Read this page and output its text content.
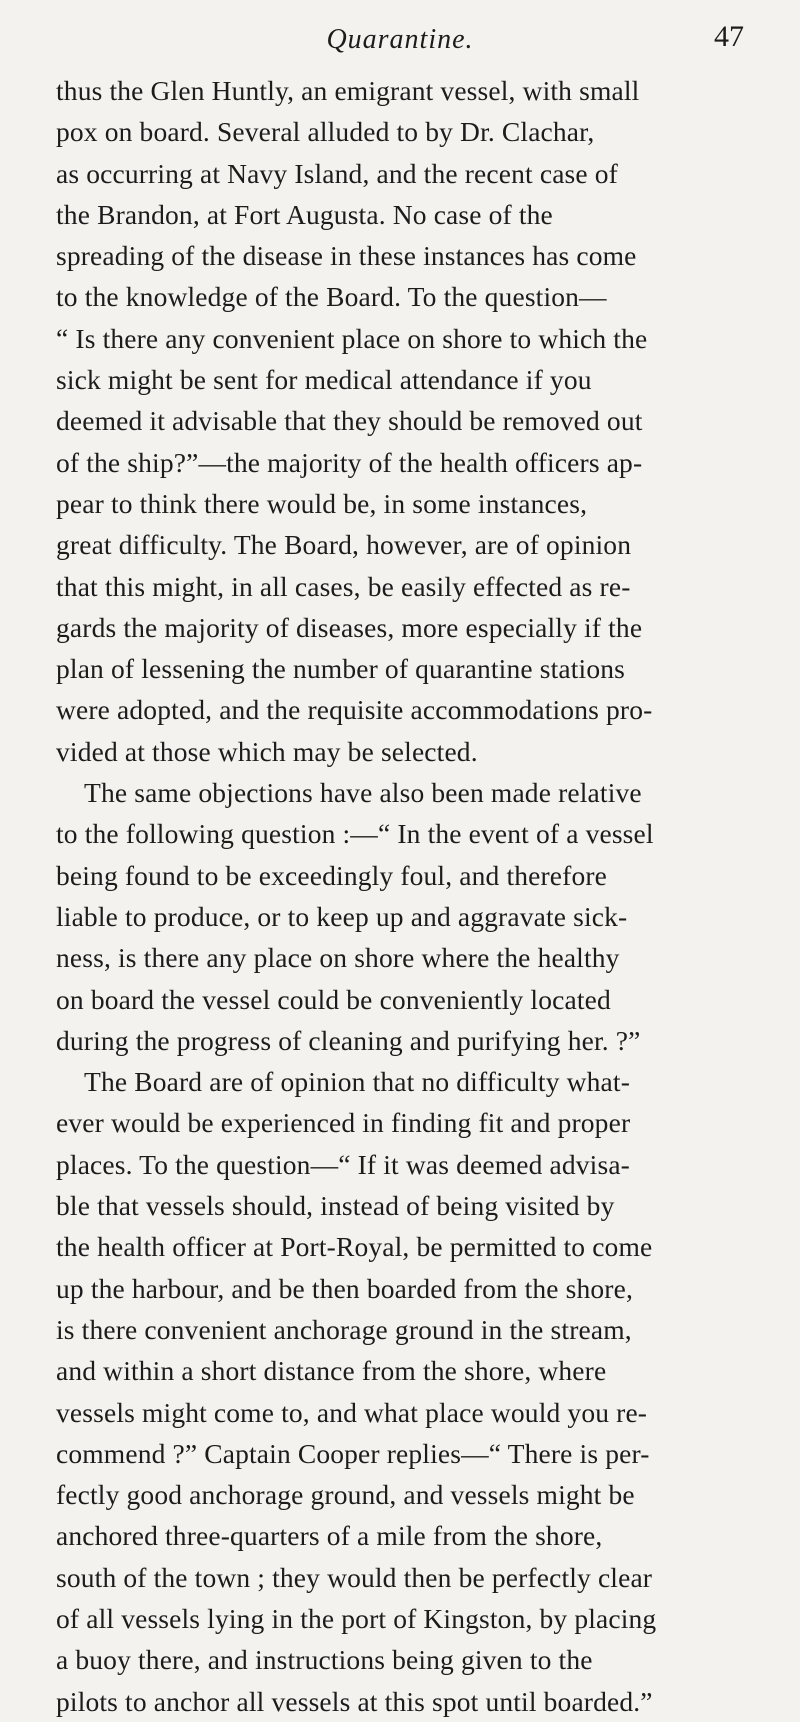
Quarantine.	47
thus the Glen Huntly, an emigrant vessel, with small
pox on board. Several alluded to by Dr. Clachar,
as occurring at Navy Island, and the recent case of
the Brandon, at Fort Augusta. No case of the
spreading of the disease in these instances has come
to the knowledge of the Board. To the question—
“ Is there any convenient place on shore to which the
sick might be sent for medical attendance if you
deemed it advisable that they should be removed out
of the ship?”—the majority of the health officers ap-
pear to think there would be, in some instances,
great difficulty. The Board, however, are of opinion
that this might, in all cases, be easily effected as re-
gards the majority of diseases, more especially if the
plan of lessening the number of quarantine stations
were adopted, and the requisite accommodations pro-
vided at those which may be selected.
The same objections have also been made relative
to the following question :—“ In the event of a vessel
being found to be exceedingly foul, and therefore
liable to produce, or to keep up and aggravate sick-
ness, is there any place on shore where the healthy
on board the vessel could be conveniently located
during the progress of cleaning and purifying her. ?”
The Board are of opinion that no difficulty what-
ever would be experienced in finding fit and proper
places. To the question—“ If it was deemed advisa-
ble that vessels should, instead of being visited by
the health officer at Port-Royal, be permitted to come
up the harbour, and be then boarded from the shore,
is there convenient anchorage ground in the stream,
and within a short distance from the shore, where
vessels might come to, and what place would you re-
commend ?” Captain Cooper replies—“ There is per-
fectly good anchorage ground, and vessels might be
anchored three-quarters of a mile from the shore,
south of the town ; they would then be perfectly clear
of all vessels lying in the port of Kingston, by placing
a buoy there, and instructions being given to the
pilots to anchor all vessels at this spot until boarded.”
